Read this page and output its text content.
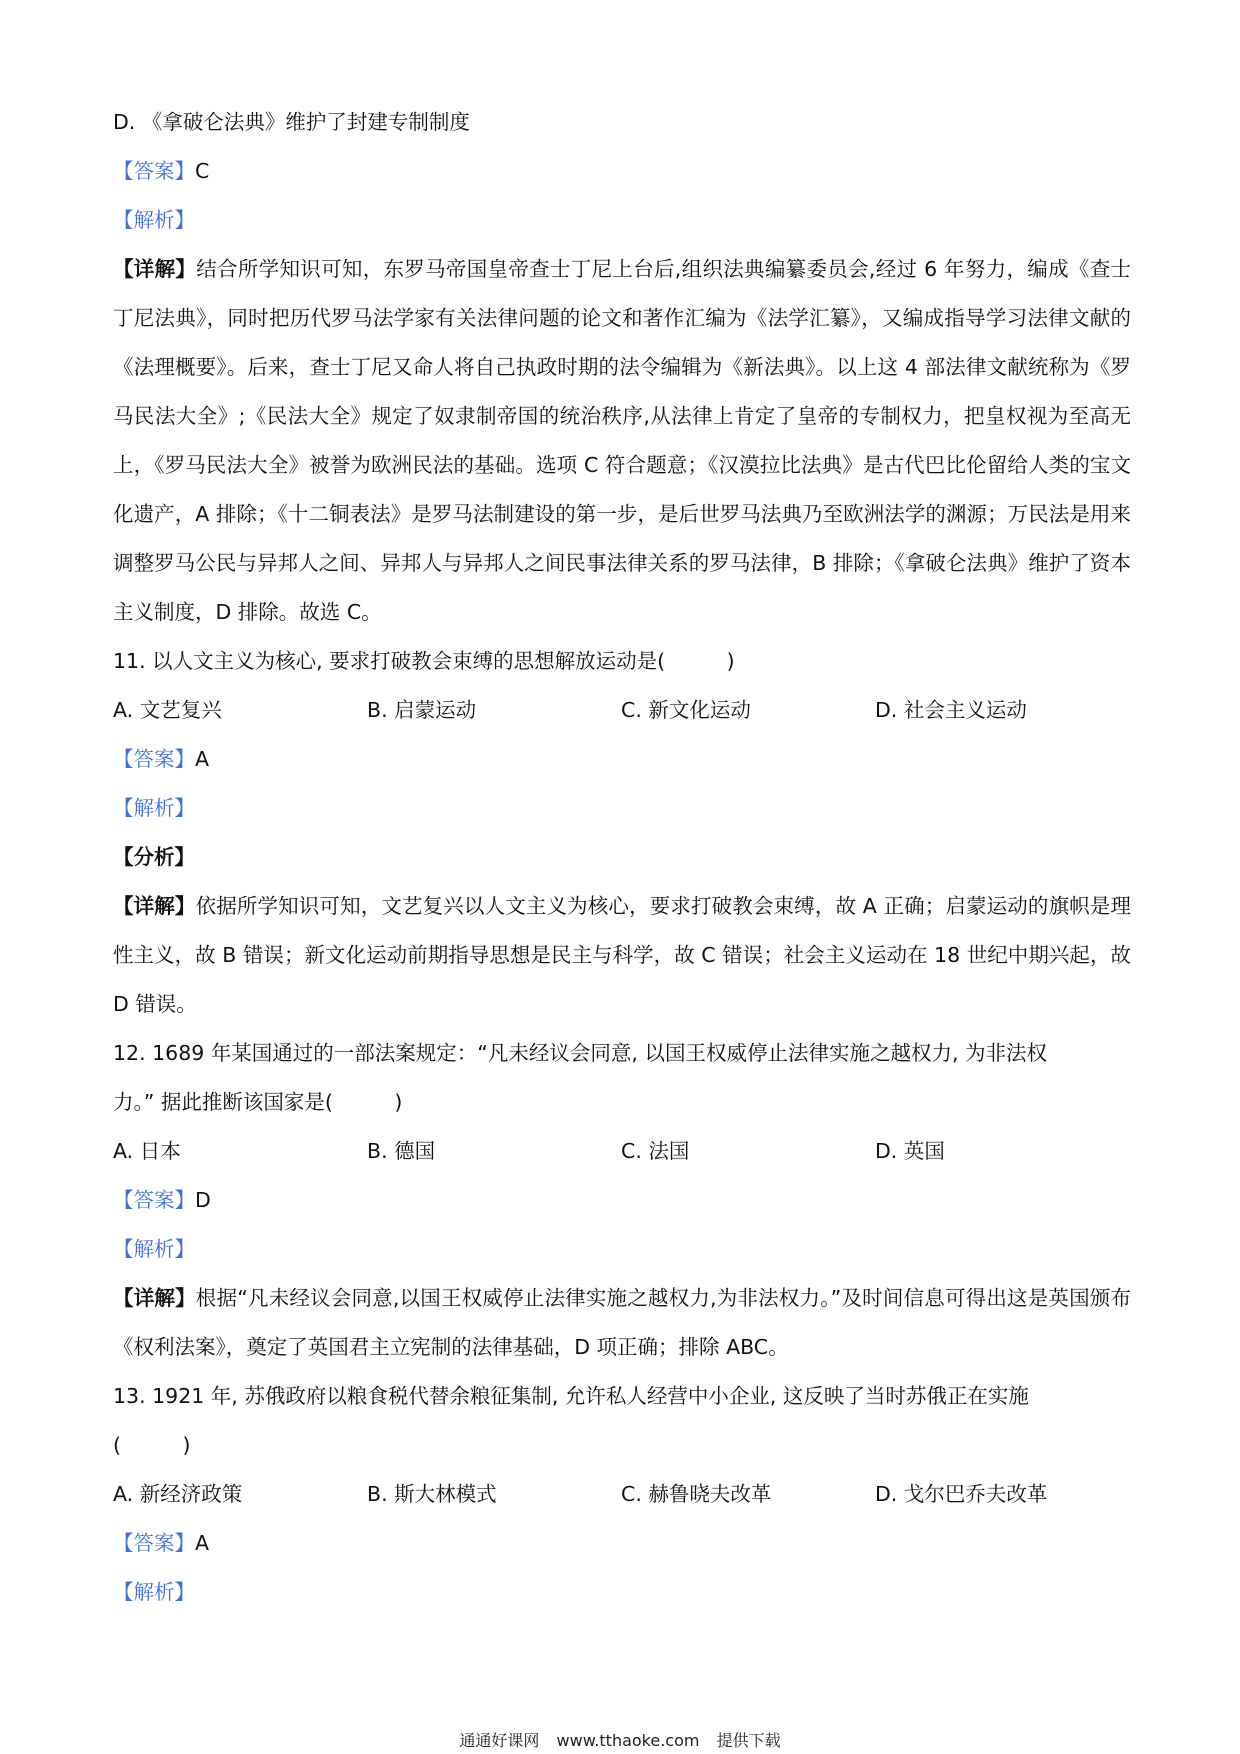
D. 《拿破仑法典》维护了封建专制制度
【答案】C
【解析】
【详解】结合所学知识可知，东罗马帝国皇帝查士丁尼上台后,组织法典编纂委员会,经过 6 年努力，编成《查士丁尼法典》，同时把历代罗马法学家有关法律问题的论文和著作汇编为《法学汇纂》，又编成指导学习法律文献的《法理概要》。后来，查士丁尼又命人将自己执政时期的法令编辑为《新法典》。以上这 4 部法律文献统称为《罗马民法大全》;《民法大全》规定了奴隶制帝国的统治秩序,从法律上肯定了皇帝的专制权力，把皇权视为至高无上，《罗马民法大全》被誉为欧洲民法的基础。选项 C 符合题意；《汉漠拉比法典》是古代巴比伦留给人类的宝文化遗产，A 排除；《十二铜表法》是罗马法制建设的第一步，是后世罗马法典乃至欧洲法学的渊源；万民法是用来调整罗马公民与异邦人之间、异邦人与异邦人之间民事法律关系的罗马法律，B 排除；《拿破仑法典》维护了资本主义制度，D 排除。故选 C。
11. 以人文主义为核心, 要求打破教会束缚的思想解放运动是(　　　)
A. 文艺复兴	B. 启蒙运动	C. 新文化运动	D. 社会主义运动
【答案】A
【解析】
【分析】
【详解】依据所学知识可知，文艺复兴以人文主义为核心，要求打破教会束缚，故 A 正确；启蒙运动的旗帜是理性主义，故 B 错误；新文化运动前期指导思想是民主与科学，故 C 错误；社会主义运动在 18 世纪中期兴起，故 D 错误。
12. 1689 年某国通过的一部法案规定：“凡未经议会同意, 以国王权威停止法律实施之越权力, 为非法权
力。” 据此推断该国家是(　　　)
A. 日本	B. 德国	C. 法国	D. 英国
【答案】D
【解析】
【详解】根据“凡未经议会同意,以国王权威停止法律实施之越权力,为非法权力。”及时间信息可得出这是英国颁布　《权利法案》，奠定了英国君主立宪制的法律基础，D 项正确；排除 ABC。
13. 1921 年, 苏俄政府以粮食税代替余粮征集制, 允许私人经营中小企业, 这反映了当时苏俄正在实施
(　　　)
A. 新经济政策	B. 斯大林模式	C. 赫鲁晓夫改革	D. 戈尔巴乔夫改革
【答案】A
【解析】
通通好课网 www.tthaoke.com 提供下载
